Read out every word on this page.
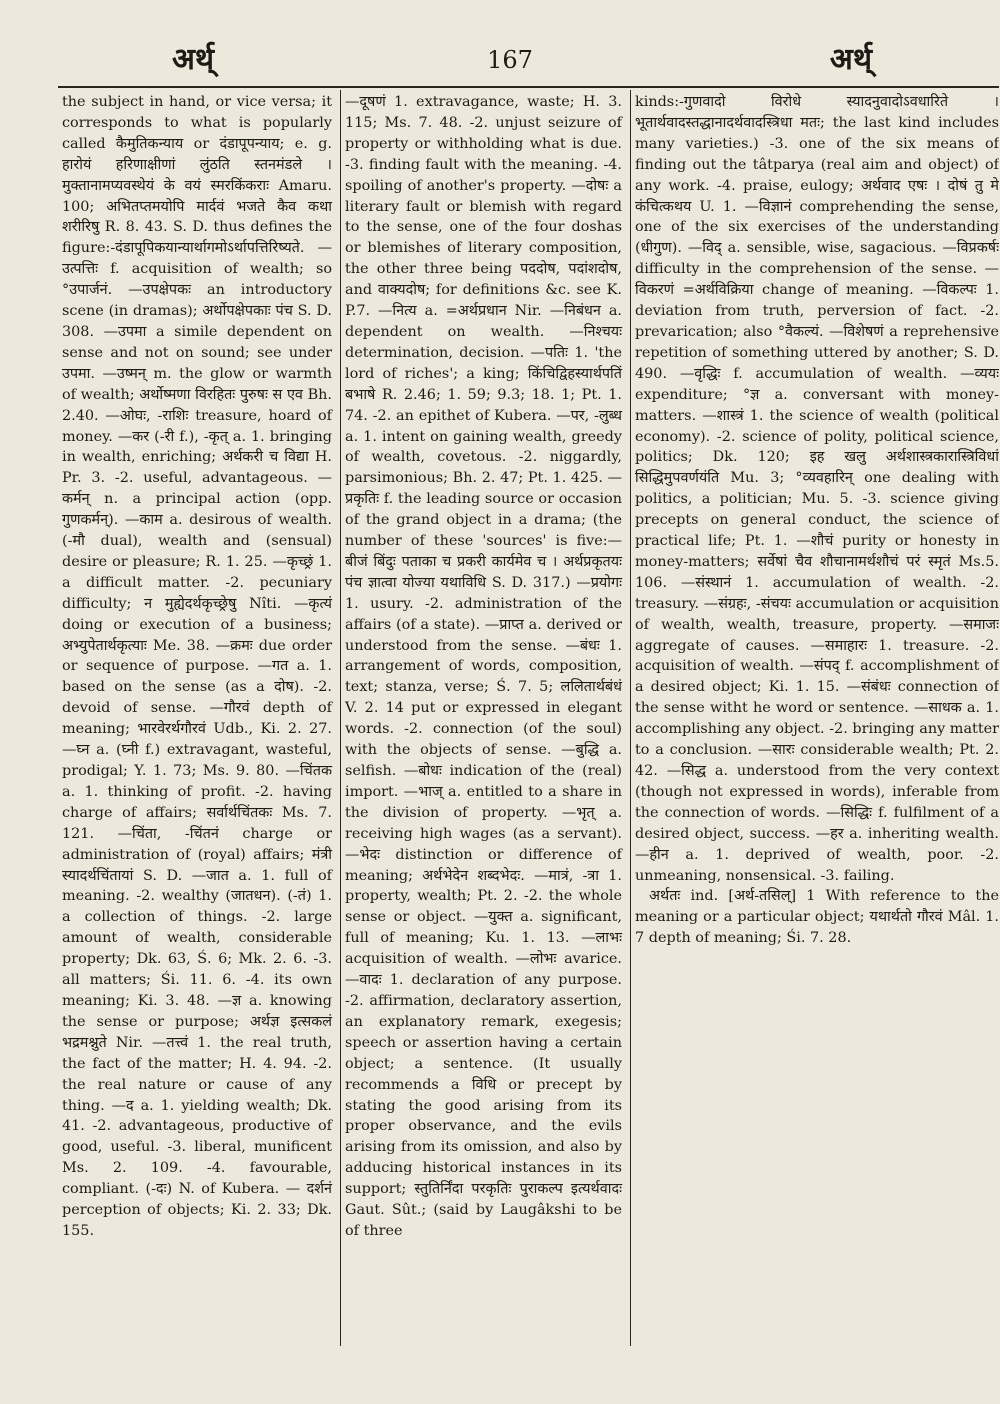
अर्थ्	167	अर्थ्

the subject in hand, or vice versa; it corresponds to what is popularly called कैमुतिकन्याय or दंडापूपन्याय; e. g. हारोयं हरिणाक्षीणां लुंठति स्तनमंडले । मुक्तानामप्यवस्थेयं के वयं स्मरकिंकराः Amaru. 100; अभितप्तमयोपि मार्दवं भजते कैव कथा शरीरिषु R. 8. 43. S. D. thus defines the figure:-दंडापूपिकयान्यार्थागमोऽर्थापत्तिरिष्यते. —उत्पत्तिः f. acquisition of wealth; so °उपार्जनं. —उपक्षेपकः an introductory scene (in dramas); अर्थोपक्षेपकाः पंच S. D. 308. —उपमा a simile dependent on sense and not on sound; see under उपमा. —उष्मन् m. the glow or warmth of wealth; अर्थोष्मणा विरहितः पुरुषः स एव Bh. 2.40. —ओघः, -राशिः treasure, hoard of money. —कर (-री f.), -कृत् a. 1. bringing in wealth, enriching; अर्थकरी च विद्या H. Pr. 3. -2. useful, advantageous. —कर्मन् n. a principal action (opp. गुणकर्मन्). —काम a. desirous of wealth. (-मौ dual), wealth and (sensual) desire or pleasure; R. 1. 25. —कृच्छ्रं 1. a difficult matter. -2. pecuniary difficulty; न मुह्येदर्थकृच्छ्रेषु Nîti. —कृत्यं doing or execution of a business; अभ्युपेतार्थकृत्याः Me. 38. —क्रमः due order or sequence of purpose. —गत a. 1. based on the sense (as a दोष). -2. devoid of sense. —गौरवं depth of meaning; भारवेरर्थगौरवं Udb., Ki. 2. 27. —घ्न a. (घ्नी f.) extravagant, wasteful, prodigal; Y. 1. 73; Ms. 9. 80. —चिंतक a. 1. thinking of profit. -2. having charge of affairs; सर्वार्थचिंतकः Ms. 7. 121. —चिंता, -चिंतनं charge or administration of (royal) affairs; मंत्री स्यादर्थचिंतायां S. D. —जात a. 1. full of meaning. -2. wealthy (जातधन). (-तं) 1. a collection of things. -2. large amount of wealth, considerable property; Dk. 63, Ś. 6; Mk. 2. 6. -3. all matters; Śi. 11. 6. -4. its own meaning; Ki. 3. 48. —ज्ञ a. knowing the sense or purpose; अर्थज्ञ इत्सकलं भद्रमश्नुते Nir. —तत्त्वं 1. the real truth, the fact of the matter; H. 4. 94. -2. the real nature or cause of any thing. —द a. 1. yielding wealth; Dk. 41. -2. advantageous, productive of good, useful. -3. liberal, munificent Ms. 2. 109. -4. favourable, compliant. (-दः) N. of Kubera. — दर्शनं perception of objects; Ki. 2. 33; Dk. 155.

—दूषणं 1. extravagance, waste; H. 3. 115; Ms. 7. 48. -2. unjust seizure of property or withholding what is due. -3. finding fault with the meaning. -4. spoiling of another's property. —दोषः a literary fault or blemish with regard to the sense, one of the four doshas or blemishes of literary composition, the other three being पददोष, पदांशदोष, and वाक्यदोष; for definitions &c. see K. P.7. —नित्य a. =अर्थप्रधान Nir. —निबंधन a. dependent on wealth. —निश्चयः determination, decision. —पतिः 1. 'the lord of riches'; a king; किंचिद्विहस्यार्थपतिं बभाषे R. 2.46; 1. 59; 9.3; 18. 1; Pt. 1. 74. -2. an epithet of Kubera. —पर, -लुब्ध a. 1. intent on gaining wealth, greedy of wealth, covetous. -2. niggardly, parsimonious; Bh. 2. 47; Pt. 1. 425. —प्रकृतिः f. the leading source or occasion of the grand object in a drama; (the number of these 'sources' is five:— बीजं बिंदुः पताका च प्रकरी कार्यमेव च । अर्थप्रकृतयः पंच ज्ञात्वा योज्या यथाविधि S. D. 317.) —प्रयोगः 1. usury. -2. administration of the affairs (of a state). —प्राप्त a. derived or understood from the sense. —बंधः 1. arrangement of words, composition, text; stanza, verse; Ś. 7. 5; ललितार्थबंधं V. 2. 14 put or expressed in elegant words. -2. connection (of the soul) with the objects of sense. —बुद्धि a. selfish. —बोधः indication of the (real) import. —भाज् a. entitled to a share in the division of property. —भृत् a. receiving high wages (as a servant). —भेदः distinction or difference of meaning; अर्थभेदेन शब्दभेदः. —मात्रं, -त्रा 1. property, wealth; Pt. 2. -2. the whole sense or object. —युक्त a. significant, full of meaning; Ku. 1. 13. —लाभः acquisition of wealth. —लोभः avarice. —वादः 1. declaration of any purpose. -2. affirmation, declaratory assertion, an explanatory remark, exegesis; speech or assertion having a certain object; a sentence. (It usually recommends a विधि or precept by stating the good arising from its proper observance, and the evils arising from its omission, and also by adducing historical instances in its support; स्तुतिर्निंदा परकृतिः पुराकल्प इत्यर्थवादः Gaut. Sût.; (said by Laugâkshi to be of three

kinds:-गुणवादो विरोधे स्यादनुवादोऽवधारिते । भूतार्थवादस्तद्धानादर्थवादस्त्रिधा मतः; the last kind includes many varieties.) -3. one of the six means of finding out the tâtparya (real aim and object) of any work. -4. praise, eulogy; अर्थवाद एषः । दोषं तु मे कंचित्कथय U. 1. —विज्ञानं comprehending the sense, one of the six exercises of the understanding (धीगुण). —विद् a. sensible, wise, sagacious. —विप्रकर्षः difficulty in the comprehension of the sense. —विकरणं =अर्थविक्रिया change of meaning. —विकल्पः 1. deviation from truth, perversion of fact. -2. prevarication; also °वैकल्यं. —विशेषणं a reprehensive repetition of something uttered by another; S. D. 490. —वृद्धिः f. accumulation of wealth. —व्ययः expenditure; °ज्ञ a. conversant with money-matters. —शास्त्रं 1. the science of wealth (political economy). -2. science of polity, political science, politics; Dk. 120; इह खलु अर्थशास्त्रकारास्त्रिविधां सिद्धिमुपवर्णयंति Mu. 3; °व्यवहारिन् one dealing with politics, a politician; Mu. 5. -3. science giving precepts on general conduct, the science of practical life; Pt. 1. —शौचं purity or honesty in money-matters; सर्वेषां चैव शौचानामर्थशौचं परं स्मृतं Ms.5. 106. —संस्थानं 1. accumulation of wealth. -2. treasury. —संग्रहः, -संचयः accumulation or acquisition of wealth, wealth, treasure, property. —समाजः aggregate of causes. —समाहारः 1. treasure. -2. acquisition of wealth. —संपद् f. accomplishment of a desired object; Ki. 1. 15. —संबंधः connection of the sense witht he word or sentence. —साधक a. 1. accomplishing any object. -2. bringing any matter to a conclusion. —सारः considerable wealth; Pt. 2. 42. —सिद्ध a. understood from the very context (though not expressed in words), inferable from the connection of words. —सिद्धिः f. fulfilment of a desired object, success. —हर a. inheriting wealth. —हीन a. 1. deprived of wealth, poor. -2. unmeaning, nonsensical. -3. failing.

अर्थतः ind. [अर्थ-तसिल्] 1 With reference to the meaning or a particular object; यथार्थतो गौरवं Mâl. 1. 7 depth of meaning; Śi. 7. 28.
